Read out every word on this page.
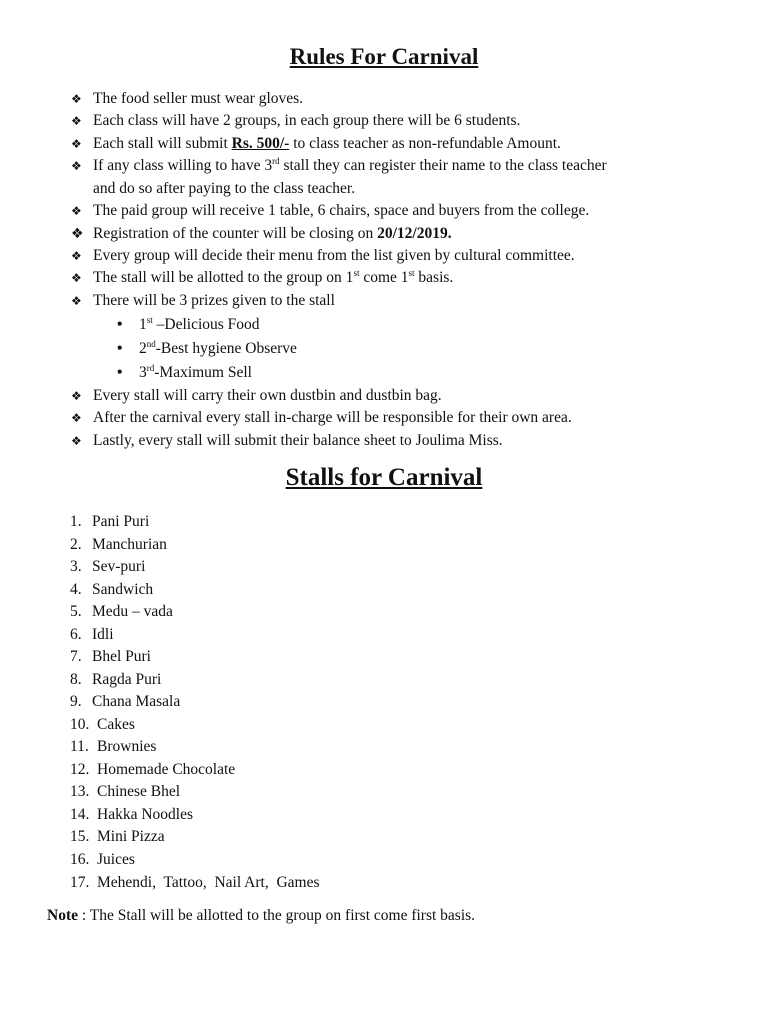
Rules For Carnival

❖ The food seller must wear gloves.

❖ Each class will have 2 groups, in each group there will be 6 students.

❖ Each stall will submit Rs. 500/- to class teacher as non-refundable Amount.

❖ If any class willing to have 3rd stall they can register their name to the class teacher
and do so after paying to the class teacher.

❖ The paid group will receive 1 table, 6 chairs, space and buyers from the college.

❖ Registration of the counter will be closing on 20/12/2019.

❖ Every group will decide their menu from the list given by cultural committee.

❖ The stall will be allotted to the group on 1st come 1st basis.

❖ There will be 3 prizes given to the stall

• 1st –Delicious Food

• 2nd-Best hygiene Observe

• 3rd-Maximum Sell

❖ Every stall will carry their own dustbin and dustbin bag.

❖ After the carnival every stall in-charge will be responsible for their own area.

❖ Lastly, every stall will submit their balance sheet to Joulima Miss.

Stalls for Carnival

1. Pani Puri

2. Manchurian

3. Sev-puri

4. Sandwich

5. Medu – vada

6. Idli

7. Bhel Puri

8. Ragda Puri

9. Chana Masala

10. Cakes

11. Brownies

12. Homemade Chocolate

13. Chinese Bhel

14. Hakka Noodles

15. Mini Pizza

16. Juices

17. Mehendi,  Tattoo,  Nail Art,  Games

Note : The Stall will be allotted to the group on first come first basis.
